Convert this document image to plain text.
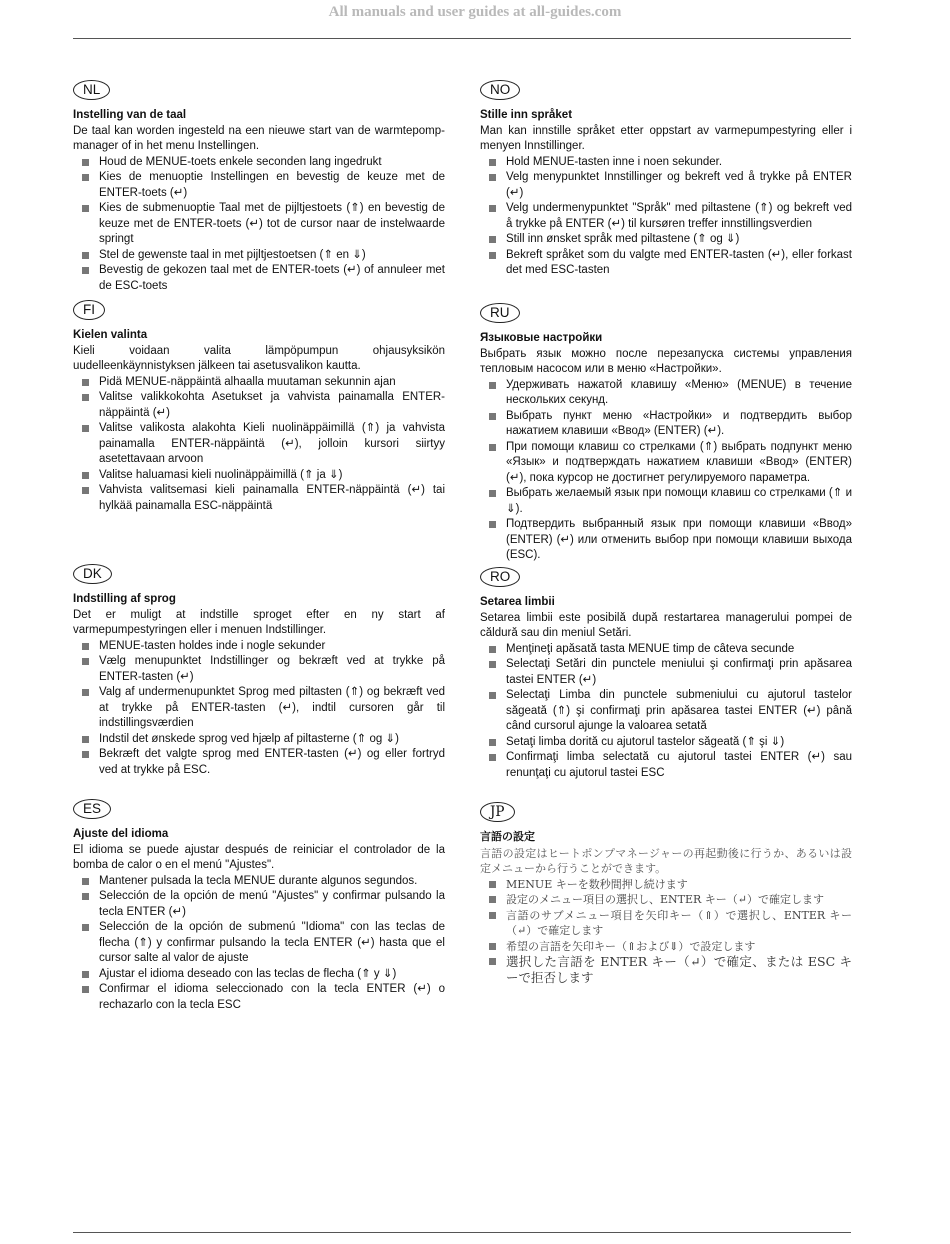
All manuals and user guides at all-guides.com
NL

Instelling van de taal

De taal kan worden ingesteld na een nieuwe start van de warmtepomp-manager of in het menu Instellingen.

Houd de MENUE-toets enkele seconden lang ingedrukt
Kies de menuoptie Instellingen en bevestig de keuze met de ENTER-toets (↵)
Kies de submenuoptie Taal met de pijltjestoets (⇑) en bevestig de keuze met de ENTER-toets (↵) tot de cursor naar de instelwaarde springt
Stel de gewenste taal in met pijltjestoetsen (⇑ en ⇓)
Bevestig de gekozen taal met de ENTER-toets (↵) of annuleer met de ESC-toets
NO

Stille inn språket

Man kan innstille språket etter oppstart av varmepumpestyring eller i menyen Innstillinger.

Hold MENUE-tasten inne i noen sekunder.
Velg menypunktet Innstillinger og bekreft ved å trykke på ENTER (↵)
Velg undermenypunktet "Språk" med piltastene (⇑) og bekreft ved å trykke på ENTER (↵) til kursøren treffer innstillingsverdien
Still inn ønsket språk med piltastene (⇑ og ⇓)
Bekreft språket som du valgte med ENTER-tasten (↵), eller forkast det med ESC-tasten
FI

Kielen valinta

Kieli voidaan valita lämpöpumpun ohjausyksikön uudelleenkäynnistyksen jälkeen tai asetusvalikon kautta.

Pidä MENUE-näppäintä alhaalla muutaman sekunnin ajan
Valitse valikkokohta Asetukset ja vahvista painamalla ENTER-näppäintä (↵)
Valitse valikosta alakohta Kieli nuolinäppäimillä (⇑) ja vahvista painamalla ENTER-näppäintä (↵), jolloin kursori siirtyy asetettavaan arvoon
Valitse haluamasi kieli nuolinäppäimillä (⇑ ja ⇓)
Vahvista valitsemasi kieli painamalla ENTER-näppäintä (↵) tai hylkää painamalla ESC-näppäintä
RU

Языковые настройки

Выбрать язык можно после перезапуска системы управления тепловым насосом или в меню «Настройки».

Удерживать нажатой клавишу «Меню» (MENUE) в течение нескольких секунд.
Выбрать пункт меню «Настройки» и подтвердить выбор нажатием клавиши «Ввод» (ENTER) (↵).
При помощи клавиш со стрелками (⇑) выбрать подпункт меню «Язык» и подтверждать нажатием клавиши «Ввод» (ENTER) (↵), пока курсор не достигнет регулируемого параметра.
Выбрать желаемый язык при помощи клавиш со стрелками (⇑ и ⇓).
Подтвердить выбранный язык при помощи клавиши «Ввод» (ENTER) (↵) или отменить выбор при помощи клавиши выхода (ESC).
DK

Indstilling af sprog

Det er muligt at indstille sproget efter en ny start af varmepumpestyringen eller i menuen Indstillinger.

MENUE-tasten holdes inde i nogle sekunder
Vælg menupunktet Indstillinger og bekræft ved at trykke på ENTER-tasten (↵)
Valg af undermenupunktet Sprog med piltasten (⇑) og bekræft ved at trykke på ENTER-tasten (↵), indtil cursoren går til indstillingsværdien
Indstil det ønskede sprog ved hjælp af piltasterne (⇑ og ⇓)
Bekræft det valgte sprog med ENTER-tasten (↵) og eller fortryd ved at trykke på ESC.
RO

Setarea limbii

Setarea limbii este posibilă după restartarea managerului pompei de căldură sau din meniul Setări.

Menţineţi apăsată tasta MENUE timp de câteva secunde
Selectaţi Setări din punctele meniului şi confirmaţi prin apăsarea tastei ENTER (↵)
Selectaţi Limba din punctele submeniului cu ajutorul tastelor săgeată (⇑) şi confirmaţi prin apăsarea tastei ENTER (↵) până când cursorul ajunge la valoarea setată
Setaţi limba dorită cu ajutorul tastelor săgeată (⇑ şi ⇓)
Confirmaţi limba selectată cu ajutorul tastei ENTER (↵) sau renunţaţi cu ajutorul tastei ESC
ES

Ajuste del idioma

El idioma se puede ajustar después de reiniciar el controlador de la bomba de calor o en el menú "Ajustes".

Mantener pulsada la tecla MENUE durante algunos segundos.
Selección de la opción de menú "Ajustes" y confirmar pulsando la tecla ENTER (↵)
Selección de la opción de submenú "Idioma" con las teclas de flecha (⇑) y confirmar pulsando la tecla ENTER (↵) hasta que el cursor salte al valor de ajuste
Ajustar el idioma deseado con las teclas de flecha (⇑ y ⇓)
Confirmar el idioma seleccionado con la tecla ENTER (↵) o rechazarlo con la tecla ESC
JP

言語の設定

言語の設定はヒートポンプマネージャーの再起動後に行うか、あるいは設定メニューから行うことができます。

MENUE キーを数秒間押し続けます
設定のメニュー項目の選択し、ENTER キー（↵）で確定します
言語のサブメニュー項目を矢印キー（⇑）で選択し、ENTER キー（↵）で確定します
希望の言語を矢印キー（⇑および⇓）で設定します
選択した言語を ENTER キー（↵）で確定、または ESC キーで拒否します
